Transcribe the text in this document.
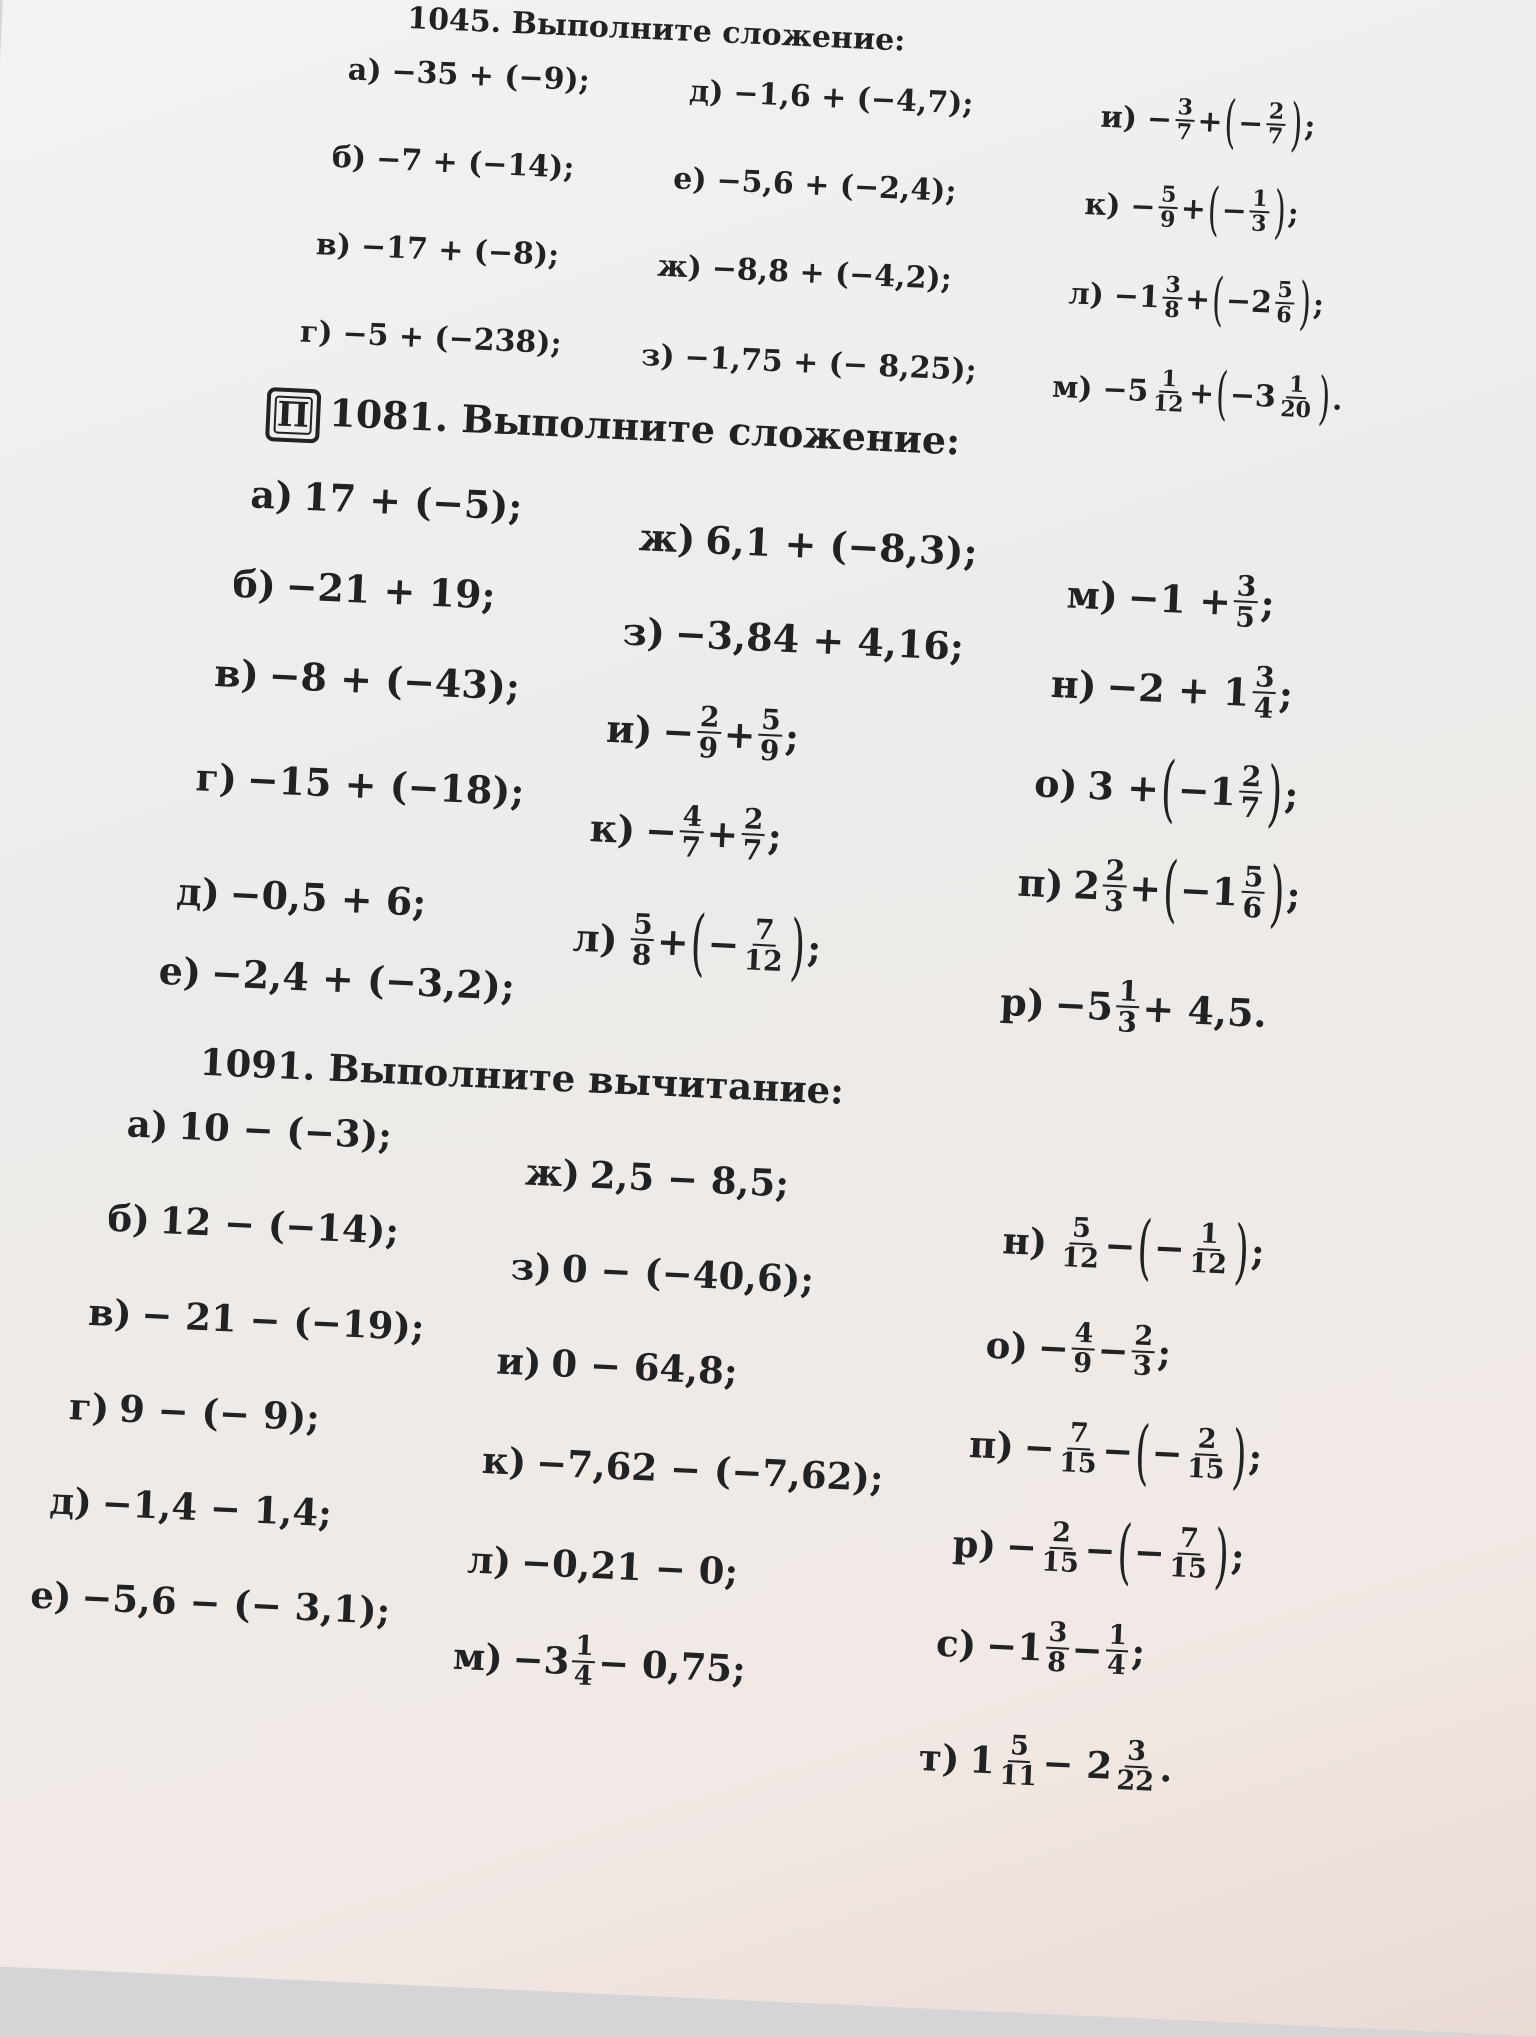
1045. Выполните сложение:
а) −35 + (−9);
б) −7 + (−14);
в) −17 + (−8);
г) −5 + (−238);
д) −1,6 + (−4,7);
е) −5,6 + (−2,4);
ж) −8,8 + (−4,2);
з) −1,75 + (− 8,25);
$и) - \frac{3}{7}$ + ( − $\frac{2}{7}$ ) ;
$к) - \frac{5}{9}$ + ( − $\frac{1}{3}$ ) ;
$л) -1 \frac{3}{8}$ + ( $-2 \frac{5}{6}$ ) ;
$м) -5 \frac{1}{12}$ + ( $-3 \frac{1}{20}$ ) .
П 1081. Выполните сложение:
а) 17 + (−5);
б) −21 + 19;
в) −8 + (−43);
г) −15 + (−18);
д) −0,5 + 6;
е) −2,4 + (−3,2);
ж) 6,1 + (−8,3);
з) −3,84 + 4,16;
$и) - \frac{2}{9} + \frac{5}{9}$ ;
$к) - \frac{4}{7} + \frac{2}{7}$ ;
$л) \frac{5}{8}$ + ( − $\frac{7}{12}$ ) ;
$м) -1 + \frac{3}{5}$ ;
$н) -2 + 1 \frac{3}{4}$ ;
о) 3 + ( $-1 \frac{2}{7}$ ) ;
п) $2 \frac{2}{3}$ + ( $-1 \frac{5}{6}$ ) ;
$р) -5 \frac{1}{3} + 4,5$.
1091. Выполните вычитание:
а) 10 − (−3);
б) 12 − (−14);
в) − 21 − (−19);
г) 9 − (− 9);
д) −1,4 − 1,4;
е) −5,6 − (− 3,1);
ж) 2,5 − 8,5;
з) 0 − (−40,6);
и) 0 − 64,8;
к) −7,62 − (−7,62);
л) −0,21 − 0;
$м) -3 \frac{1}{4} - 0,75$;
$н) \frac{5}{12}$ − ( − $\frac{1}{12}$ ) ;
$о) - \frac{4}{9} - \frac{2}{3}$ ;
$п) - \frac{7}{15}$ − ( − $\frac{2}{15}$ ) ;
$р) - \frac{2}{15}$ − ( − $\frac{7}{15}$ ) ;
$с) -1 \frac{3}{8} - \frac{1}{4}$ ;
т) $1 \frac{5}{11} - 2 \frac{3}{22}$ .
